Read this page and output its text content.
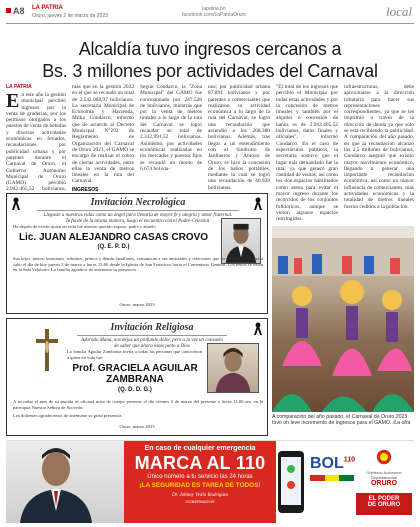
A8 LA PATRIA
Oruro, jueves 2 de marzo de 2023
lapatria.bo
facebook.com/LaPatriaOruro	local
Alcaldía tuvo ingresos cercanos a
Bs. 3 millones por actividades del Carnaval
LA PATRIA
E n este año la gestión municipal percibió ingresos por la venta de graderías, por los permisos otorgados a los puestos de venta de bebidas y diversas actividades económicas en feriados, recaudaciones por publicidad urbana y por patentes durante el Carnaval de Oruro, el Gobierno Autónomo Municipal de Oruro (GAMO) percibió 2.942.465,52 bolivianos,

más que en la gestión 2022 en el que se recaudó un total de 2.542.068,97 bolivianos. La secretaria Municipal de Economía y Hacienda, Milka Condarco, informó que de acuerdo al Decreto Municipal N°292 de Reglamento de Organización del Carnaval de Oruro 2023, el GAMO se encargó de realizar el cobro de ciertas actividades, entre ellas la venta de metros lineales en la ruta del Carnaval.

INGRESOS
Según Condarco, la "Zona Municipal" del GAMO fue concesionada por 247.528 de bolivianos, mientras que por la venta de metros lineales a lo largo de la ruta del Carnaval se logró recaudar un total de 2.332.991,52 bolivianos. Asimismo, por actividades económicas realizadas en los mercados y puestos fijos se recaudó un monto de 6.674 bolivia-
nos; por publicidad urbana 87.891 bolivianos y por patentes a comerciantes que realizaron su actividad económica a lo largo de la ruta del Carnaval, se logró una recaudación que ascendió a los 268.380 bolivianos. Además, tras llegar a un entendimiento con el Sindicato de Jardineros y Anexos de Oruro, se hizo la concesión de los baños portátiles, mediante la cual se logró una recaudación de 40.928 bolivianos.
"El total de los ingresos que percibió el Municipio por todas estas actividades y por la concesión de metros lineales y también por el alquiler o concesión de baños es de 2.942.465,52 bolivianos, datos finales y oficiales", informó Condarco. En el caso de espectáculos públicos, la secretaria sostuvo que el lugar más demandado fue la ruta, ya que generó gran cantidad de visitas, así como los dos espacios habilitados como arena para evitar el mayor ingreso durante los recorridos de los conjuntos folklóricos, aunque se vieron algunos espacios restringidos.
infraestructuras, debe aproximarse a la dirección tributaria para hacer sus representaciones correspondientes, ya que se les imprimió a través de la dirección de deuda ya que sólo se está recibiendo la publicidad. A comparación del año pasado, en que la recaudación alcanzó los 2,5 millones de bolivianos, Condarco aseguró que existió mayor movimiento económico, llegando a generar una importante recaudación económica, así como un mayor influencia de comerciantes, más actividades económicas y la totalidad de metros lineales fueron cedidos a la población.
Invitación Necrológica
Llegaste a nuestras vidas como un ángel para llenarla de mayor fe y alegría y amor fraternal.
Te fuiste de la misma manera, luego el encuentro con el Padre Celestial.
Ha dejado de existir quien en vida fue nuestro querido esposo, padre y abuelo
Lic. JUAN ALEJANDRO CASAS CROVO
(Q. E. P. D.)
Sus hijos, nietos, hermanos, sobrinos, primos y demás familiares, comunican a sus amistades y relaciones que su entierro se llevará a cabo el día de hoy jueves 2 de marzo a horas 15:00 desde la Iglesia de San Francisco hacia el Cementerio General. Los restos se velan en la Sala Velatorio. La familia agradece de antemano su presencia.
Oruro, marzo 2023
Invitación Religiosa
Adorado Manú, nos dejas un profundo dolor, pero a la vez un consuelo
de saber que ahora estás junto a Dios
La familia Aguilar Zambrana invita a todas las personas que conocieron a quien en vida fue:
Prof. GRACIELA AGUILAR
ZAMBRANA
(Q. D. D. G.)
A recordar el mes de su partida se oficiará misa de cuerpo presente el día viernes 3 de marzo del presente a horas 11:00 am. en la parroquia Nuestra Señora de Socavón.
Los dolientes agradecemos de antemano su grata presencia.
Oruro, marzo 2023
A comparación del año pasado, el Carnaval de Oruro 2023 tuvo un leve incremento de ingresos para el GAMO. /La otra
En caso de cualquier emergencia
MARCA AL 110
Único número a tu servicio las 24 horas
¡LA SEGURIDAD ES TAREA DE TODOS!
Dr. Johnny Vedia Rodríguez
GOBERNADOR
BOL$^{110}$
Gobierno Autónomo Departamental
ORURO
EL PODER
DE ORURO
